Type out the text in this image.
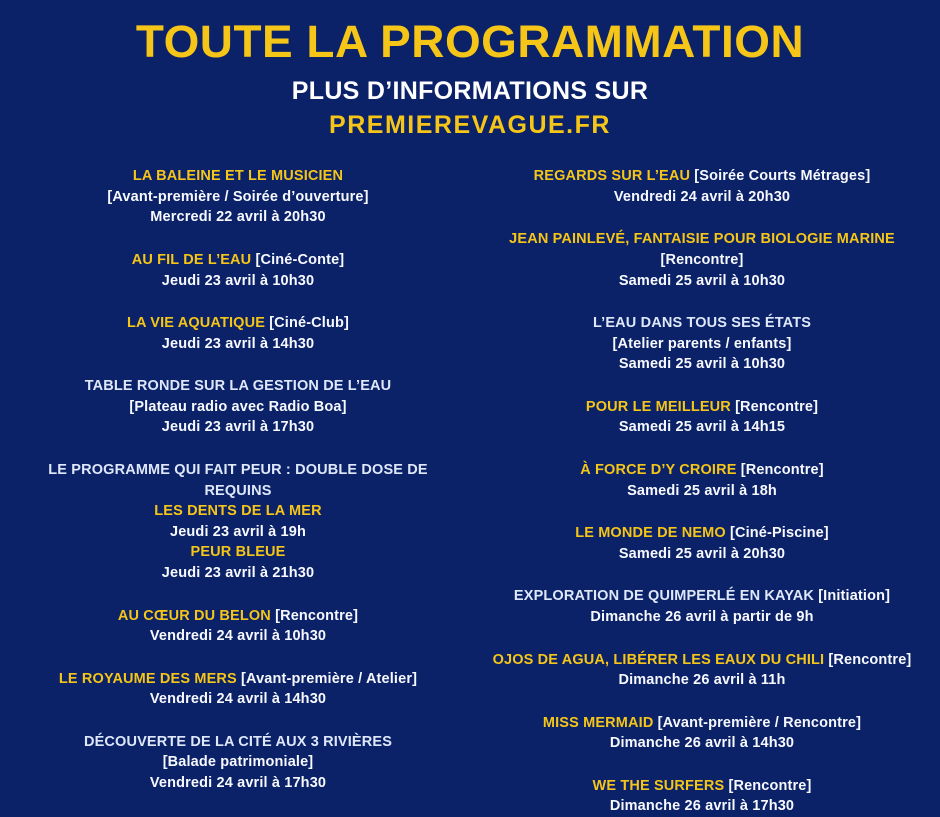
TOUTE LA PROGRAMMATION
PLUS D’INFORMATIONS SUR
PREMIEREVAGUE.FR
LA BALEINE ET LE MUSICIEN
[Avant-première / Soirée d’ouverture]
Mercredi 22 avril à 20h30
AU FIL DE L’EAU [Ciné-Conte]
Jeudi 23 avril à 10h30
LA VIE AQUATIQUE [Ciné-Club]
Jeudi 23 avril à 14h30
TABLE RONDE SUR LA GESTION DE L’EAU
[Plateau radio avec Radio Boa]
Jeudi 23 avril à 17h30
LE PROGRAMME QUI FAIT PEUR : DOUBLE DOSE DE REQUINS
LES DENTS DE LA MER
Jeudi 23 avril à 19h
PEUR BLEUE
Jeudi 23 avril à 21h30
AU CŒUR DU BELON [Rencontre]
Vendredi 24 avril à 10h30
LE ROYAUME DES MERS [Avant-première / Atelier]
Vendredi 24 avril à 14h30
DÉCOUVERTE DE LA CITÉ AUX 3 RIVIÈRES
[Balade patrimoniale]
Vendredi 24 avril à 17h30
REGARDS SUR L’EAU [Soirée Courts Métrages]
Vendredi 24 avril à 20h30
JEAN PAINLEVÉ, FANTAISIE POUR BIOLOGIE MARINE
[Rencontre]
Samedi 25 avril à 10h30
L’EAU DANS TOUS SES ÉTATS
[Atelier parents / enfants]
Samedi 25 avril à 10h30
POUR LE MEILLEUR [Rencontre]
Samedi 25 avril à 14h15
À FORCE D’Y CROIRE [Rencontre]
Samedi 25 avril à 18h
LE MONDE DE NEMO [Ciné-Piscine]
Samedi 25 avril à 20h30
EXPLORATION DE QUIMPERLÉ EN KAYAK [Initiation]
Dimanche 26 avril à partir de 9h
OJOS DE AGUA, LIBÉRER LES EAUX DU CHILI [Rencontre]
Dimanche 26 avril à 11h
MISS MERMAID [Avant-première / Rencontre]
Dimanche 26 avril à 14h30
WE THE SURFERS [Rencontre]
Dimanche 26 avril à 17h30
